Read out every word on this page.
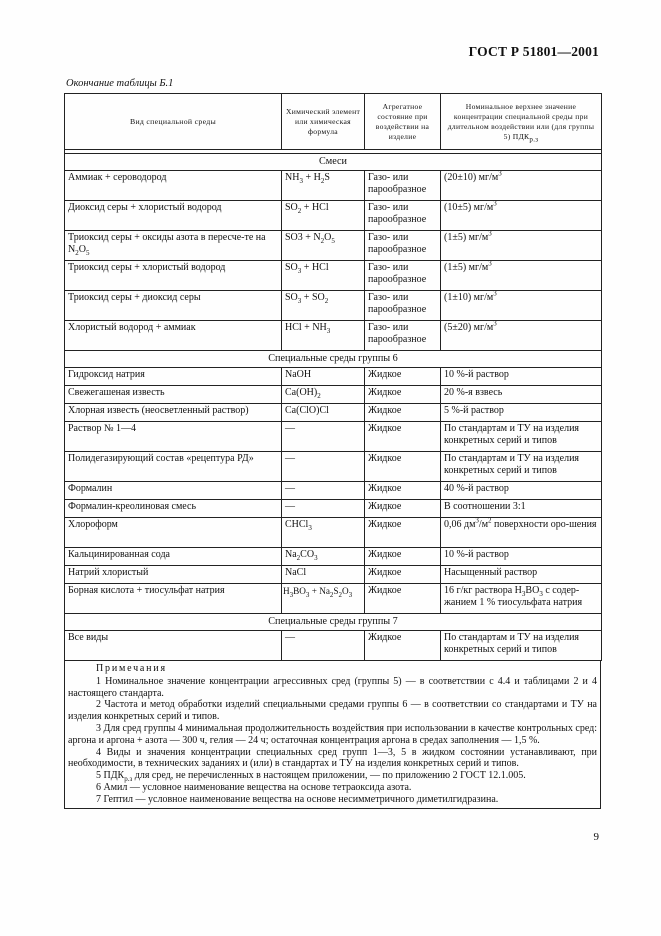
ГОСТ Р 51801—2001
Окончание таблицы Б.1
Вид специальной среды	Химический элемент или химическая формула	Агрегатное состояние при воздействии на изделие	Номинальное верхнее значение концентрации специальной среды при длительном воздействии или (для группы 5) $ПДК_{р.з}$

Смеси			
Аммиак + сероводород	$NH_3 + H_2S$	Газо- или парообразное	(20±10) $мг/м^3$
Диоксид серы + хлористый водород	$SO_2$ + HCl	Газо- или парообразное	(10±5) $мг/м^3$
Триоксид серы + оксиды азота в пересче-те на $N_2O_5$	$SO3 + N_2O_5$	Газо- или парообразное	(1±5) $мг/м^3$
Триоксид серы + хлористый водород	$SO_3$ + HCl	Газо- или парообразное	(1±5) $мг/м^3$
Триоксид серы + диоксид серы	$SO_3 + SO_2$	Газо- или парообразное	(1±10) $мг/м^3$
Хлористый водород + аммиак	HCl + $NH_3$	Газо- или парообразное	(5±20) $мг/м^3$
Специальные среды группы 6			
Гидроксид натрия	NaOH	Жидкое	10 %-й раствор
Свежегашеная известь	$Ca(OH)_2$	Жидкое	20 %-я взвесь
Хлорная известь (неосветленный раствор)	Ca(ClO)Cl	Жидкое	5 %-й раствор
Раствор № 1—4	—	Жидкое	По стандартам и ТУ на изделия конкретных серий и типов
Полидегазирующий состав «рецептура РД»	—	Жидкое	По стандартам и ТУ на изделия конкретных серий и типов
Формалин	—	Жидкое	40 %-й раствор
Формалин-креолиновая смесь	—	Жидкое	В соотношении 3:1
Хлороформ	CHCl$_3$	Жидкое	0,06 $дм^3/м^2$ поверхности оро-шения
Кальцинированная сода	$Na_2CO_3$	Жидкое	10 %-й раствор
Натрий хлористый	NaCl	Жидкое	Насыщенный раствор
Борная кислота + тиосульфат натрия	$H_3BO_3 + Na_2S_2O_3$	Жидкое	16 г/кг раствора $H_3BO_3$ с содер-жанием 1 % тиосульфата натрия
Специальные среды группы 7			
Все виды	—	Жидкое	По стандартам и ТУ на изделия конкретных серий и типов
Примечания

1 Номинальное значение концентрации агрессивных сред (группы 5) — в соответствии с 4.4 и таблицами 2 и 4 настоящего стандарта.

2 Частота и метод обработки изделий специальными средами группы 6 — в соответствии со стандартами и ТУ на изделия конкретных серий и типов.

3 Для сред группы 4 минимальная продолжительность воздействия при использовании в качестве контрольных сред: аргона и аргона + азота — 300 ч, гелия — 24 ч; остаточная концентрация аргона в средах заполнения — 1,5 %.

4 Виды и значения концентрации специальных сред групп 1—3, 5 в жидком состоянии устанавливают, при необходимости, в технических заданиях и (или) в стандартах и ТУ на изделия конкретных серий и типов.

5 $ПДК_{р.з}$ для сред, не перечисленных в настоящем приложении, — по приложению 2 ГОСТ 12.1.005.

6 Амил — условное наименование вещества на основе тетраоксида азота.

7 Гептил — условное наименование вещества на основе несимметричного диметилгидразина.

9
